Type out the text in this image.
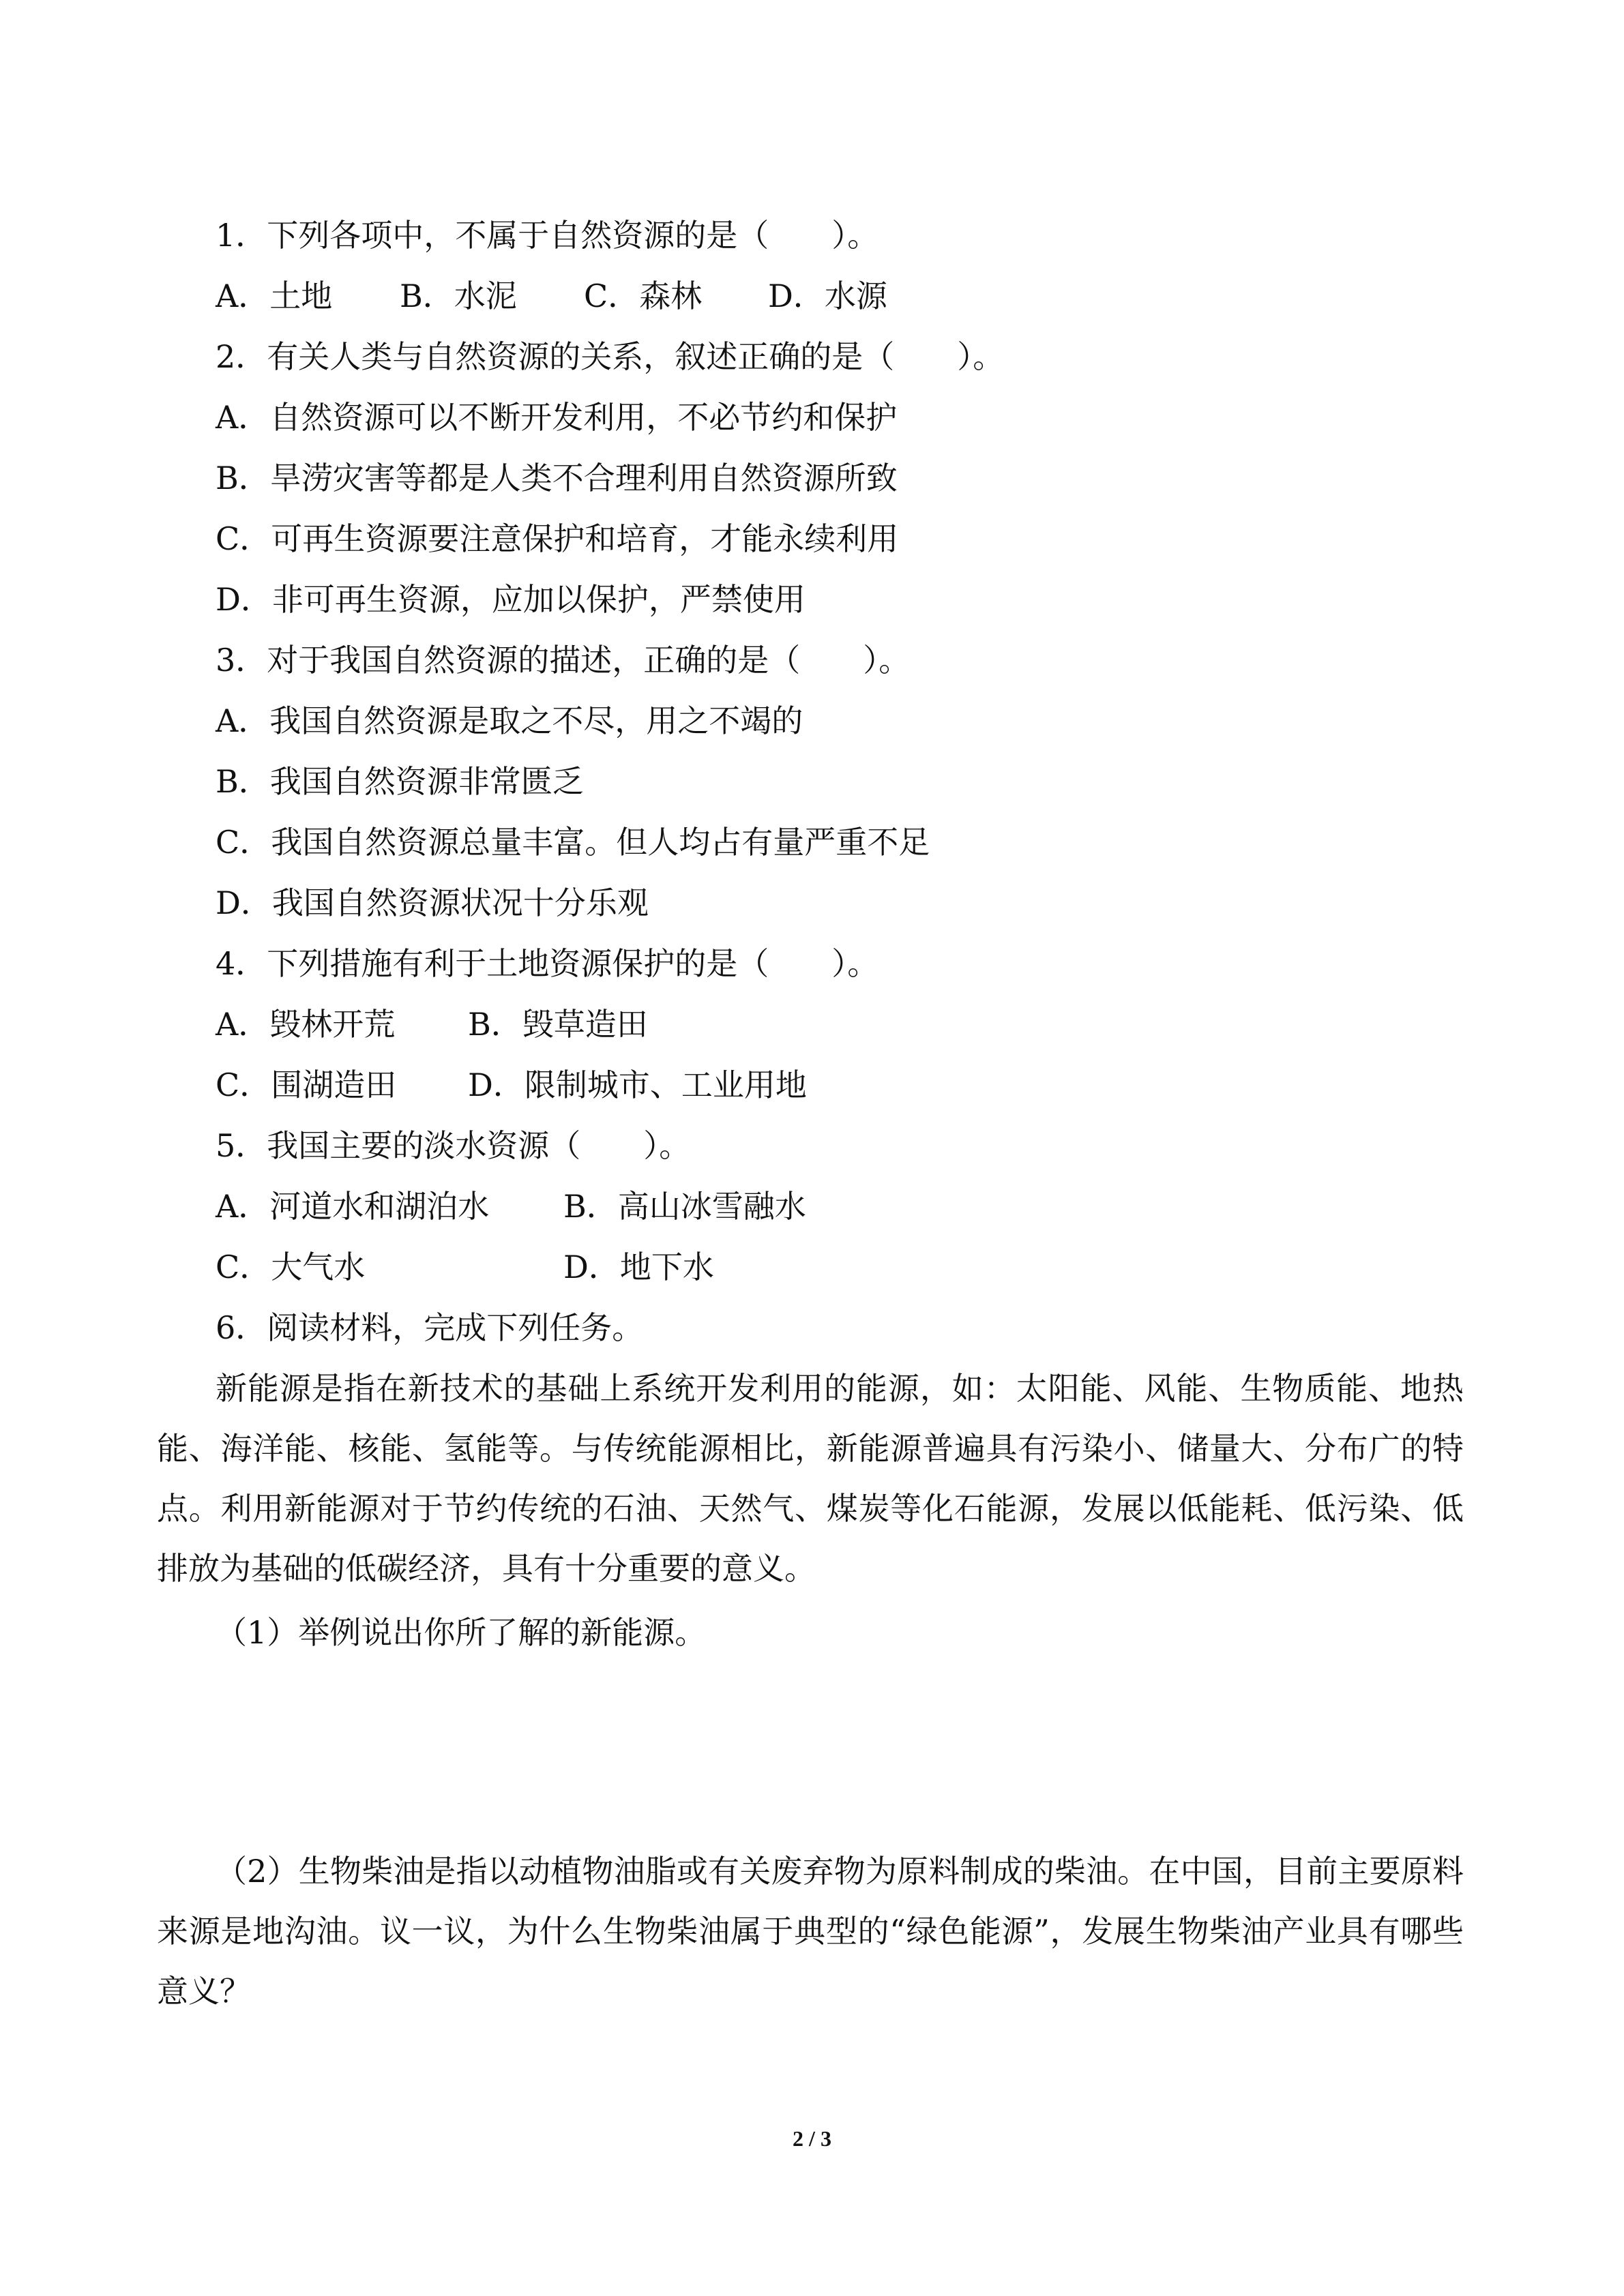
1．下列各项中，不属于自然资源的是（　　）。
A．土地 B．水泥 C．森林 D．水源
2．有关人类与自然资源的关系，叙述正确的是（　　）。
A．自然资源可以不断开发利用，不必节约和保护
B．旱涝灾害等都是人类不合理利用自然资源所致
C．可再生资源要注意保护和培育，才能永续利用
D．非可再生资源，应加以保护，严禁使用
3．对于我国自然资源的描述，正确的是（　　）。
A．我国自然资源是取之不尽，用之不竭的
B．我国自然资源非常匮乏
C．我国自然资源总量丰富。但人均占有量严重不足
D．我国自然资源状况十分乐观
4．下列措施有利于土地资源保护的是（　　）。
A．毁林开荒 B．毁草造田
C．围湖造田 D．限制城市、工业用地
5．我国主要的淡水资源（　　）。
A．河道水和湖泊水 B．高山冰雪融水
C．大气水	D．地下水
6．阅读材料，完成下列任务。
新能源是指在新技术的基础上系统开发利用的能源，如：太阳能、风能、生物质能、地热能、海洋能、核能、氢能等。与传统能源相比，新能源普遍具有污染小、储量大、分布广的特点。利用新能源对于节约传统的石油、天然气、煤炭等化石能源，发展以低能耗、低污染、低排放为基础的低碳经济，具有十分重要的意义。
（1）举例说出你所了解的新能源。
（2）生物柴油是指以动植物油脂或有关废弃物为原料制成的柴油。在中国，目前主要原料来源是地沟油。议一议，为什么生物柴油属于典型的“绿色能源”，发展生物柴油产业具有哪些意义？
2 / 3
